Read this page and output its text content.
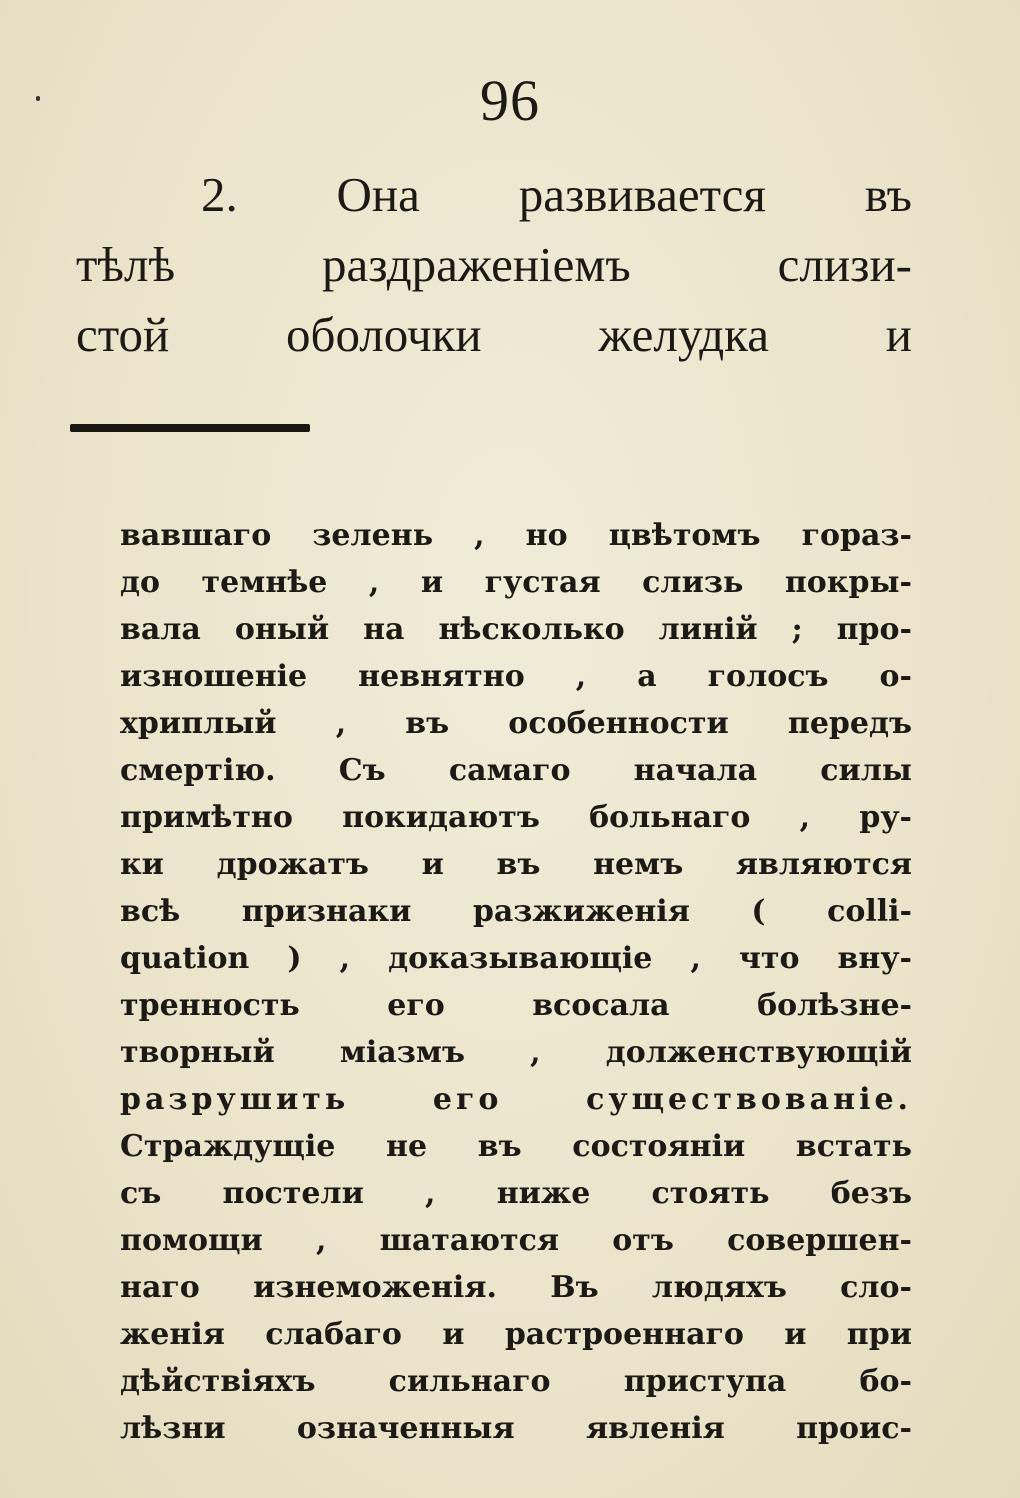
96
2. Она развивается въ
тѣлѣ раздраженіемъ слизи-
стой оболочки желудка и
вавшаго зелень , но цвѣтомъ гораз-
до темнѣе , и густая слизь покры-
вала оный на нѣсколько линій ; про-
изношеніе невнятно , а голосъ о-
хриплый , въ особенности передъ
смертію. Съ самаго начала силы
примѣтно покидаютъ больнаго , ру-
ки дрожатъ и въ немъ являются
всѣ признаки разжиженія ( colli-
quation ) , доказывающіе , что вну-
тренность его всосала болѣзне-
творный міазмъ , долженствующій
разрушить его существованіе.
Страждущіе не въ состояніи встать
съ постели , ниже стоять безъ
помощи , шатаются отъ совершен-
наго изнеможенія. Въ людяхъ сло-
женія слабаго и растроеннаго и при
дѣйствіяхъ сильнаго приступа бо-
лѣзни означенныя явленія проис-
